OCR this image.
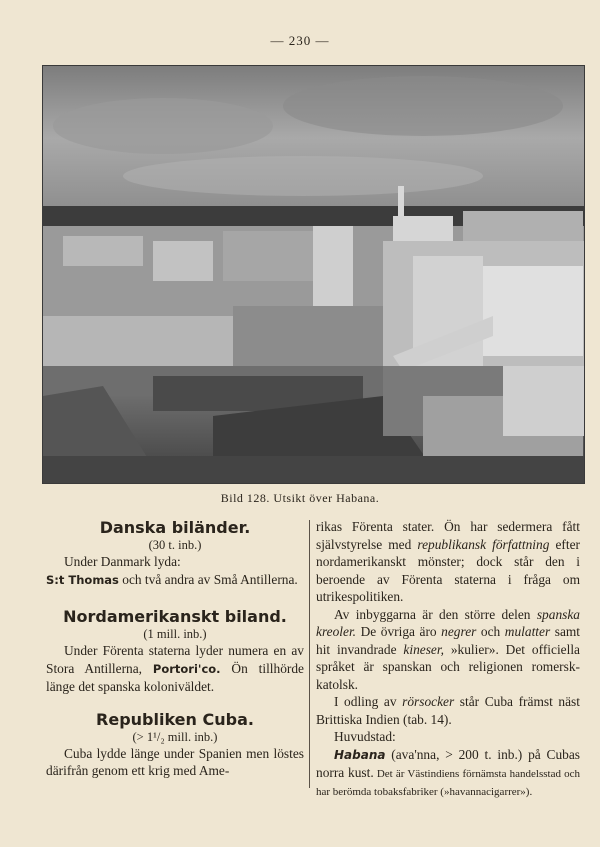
— 230 —
Bild 128. Utsikt över Habana.
Danska biländer.
(30 t. inb.)

Under Danmark lyda:

S:t Thomas och två andra av Små Antillerna.

Nordamerikanskt biland.
(1 mill. inb.)

Under Förenta staterna lyder numera en av Stora Antillerna, Portori'co. Ön tillhörde länge det spanska koloniväldet.

Republiken Cuba.
(> 1¹/₂ mill. inb.)

Cuba lydde länge under Spanien men löstes därifrån genom ett krig med Ame-

rikas Förenta stater. Ön har sedermera fått självstyrelse med republikansk författning efter nordamerikanskt mönster; dock står den i beroende av Förenta staterna i fråga om utrikespolitiken.

Av inbyggarna är den större delen spanska kreoler. De övriga äro negrer och mulatter samt hit invandrade kineser, »kulier». Det officiella språket är spanskan och religionen romersk-katolsk.

I odling av rörsocker står Cuba främst näst Brittiska Indien (tab. 14).

Huvudstad:

Habana (ava'nna, > 200 t. inb.) på Cubas norra kust. Det är Västindiens förnämsta handelsstad och har berömda tobaksfabriker (»havannacigarrer»).
